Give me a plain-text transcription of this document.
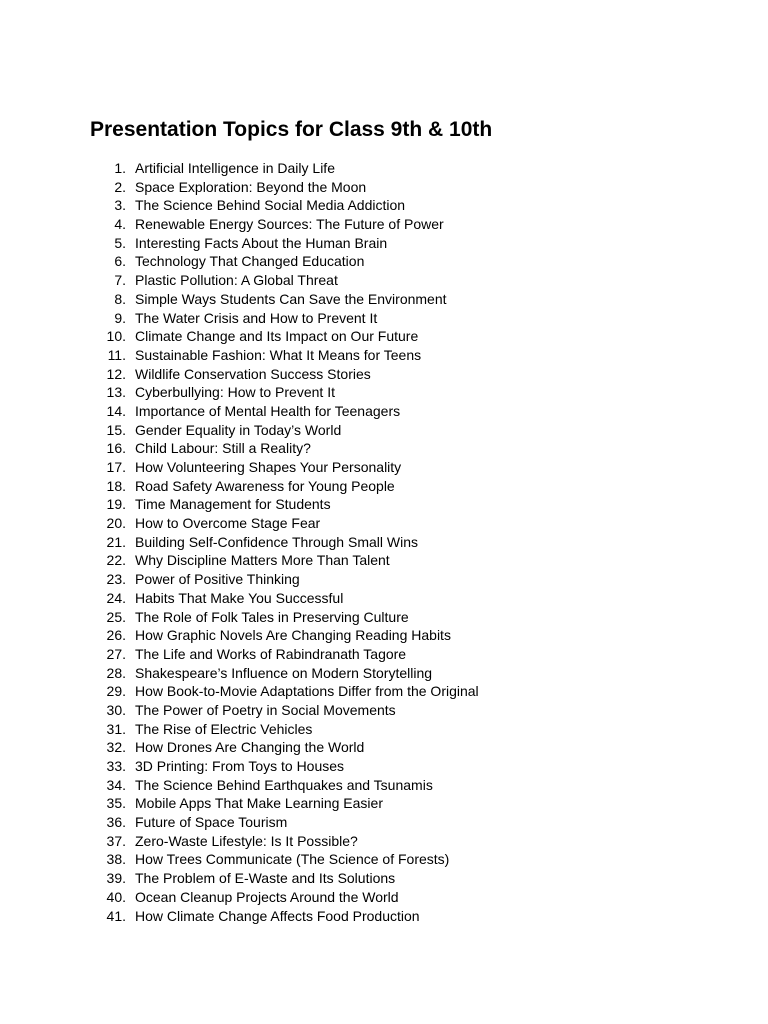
Presentation Topics for Class 9th & 10th
1. Artificial Intelligence in Daily Life
2. Space Exploration: Beyond the Moon
3. The Science Behind Social Media Addiction
4. Renewable Energy Sources: The Future of Power
5. Interesting Facts About the Human Brain
6. Technology That Changed Education
7. Plastic Pollution: A Global Threat
8. Simple Ways Students Can Save the Environment
9. The Water Crisis and How to Prevent It
10. Climate Change and Its Impact on Our Future
11. Sustainable Fashion: What It Means for Teens
12. Wildlife Conservation Success Stories
13. Cyberbullying: How to Prevent It
14. Importance of Mental Health for Teenagers
15. Gender Equality in Today’s World
16. Child Labour: Still a Reality?
17. How Volunteering Shapes Your Personality
18. Road Safety Awareness for Young People
19. Time Management for Students
20. How to Overcome Stage Fear
21. Building Self-Confidence Through Small Wins
22. Why Discipline Matters More Than Talent
23. Power of Positive Thinking
24. Habits That Make You Successful
25. The Role of Folk Tales in Preserving Culture
26. How Graphic Novels Are Changing Reading Habits
27. The Life and Works of Rabindranath Tagore
28. Shakespeare’s Influence on Modern Storytelling
29. How Book-to-Movie Adaptations Differ from the Original
30. The Power of Poetry in Social Movements
31. The Rise of Electric Vehicles
32. How Drones Are Changing the World
33. 3D Printing: From Toys to Houses
34. The Science Behind Earthquakes and Tsunamis
35. Mobile Apps That Make Learning Easier
36. Future of Space Tourism
37. Zero-Waste Lifestyle: Is It Possible?
38. How Trees Communicate (The Science of Forests)
39. The Problem of E-Waste and Its Solutions
40. Ocean Cleanup Projects Around the World
41. How Climate Change Affects Food Production
